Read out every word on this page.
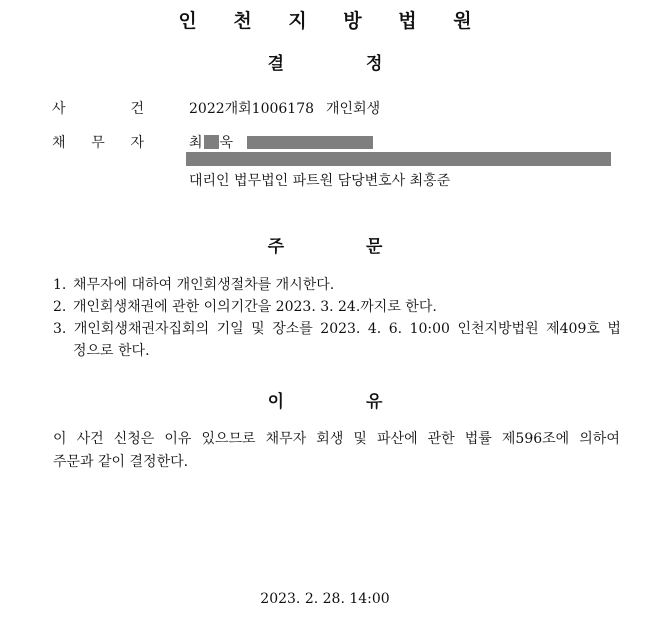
인 천 지 방 법 원
결	정
사	건	2022개회1006178 개인회생
채 무 자	최 욱
대리인 법무법인 파트원 담당변호사 최홍준
주	문
1. 채무자에 대하여 개인회생절차를 개시한다.
2. 개인회생채권에 관한 이의기간을 2023. 3. 24.까지로 한다.
3. 개인회생채권자집회의 기일 및 장소를 2023. 4. 6. 10:00 인천지방법원 제409호 법
정으로 한다.
이	유
이 사건 신청은 이유 있으므로 채무자 회생 및 파산에 관한 법률 제596조에 의하여
주문과 같이 결정한다.
2023. 2. 28. 14:00
